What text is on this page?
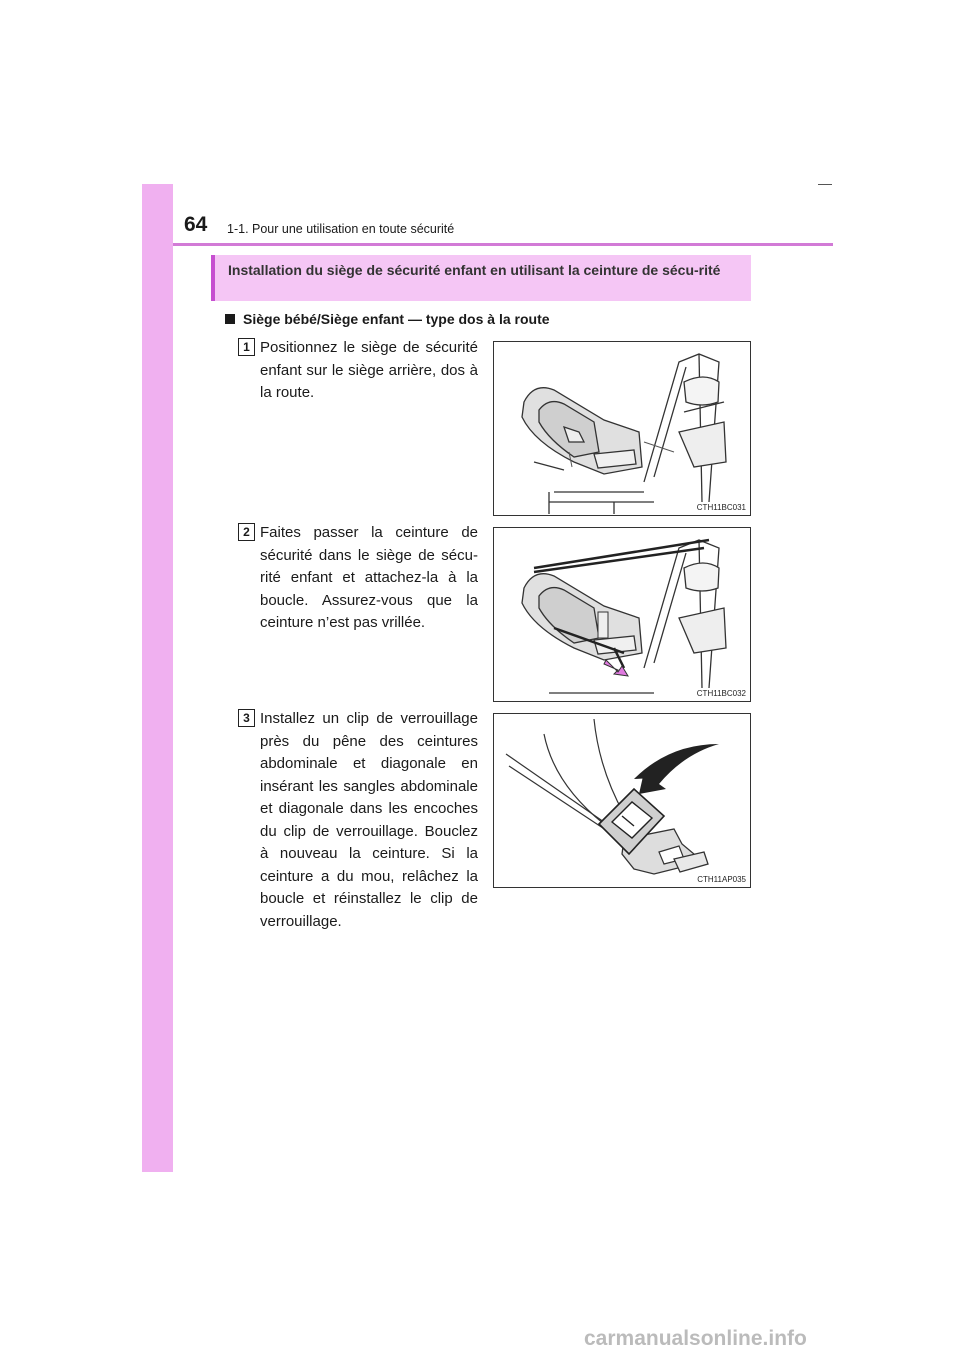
64 1-1. Pour une utilisation en toute sécurité
Installation du siège de sécurité enfant en utilisant la ceinture de sécu-rité
Siège bébé/Siège enfant — type dos à la route
1 Positionnez le siège de sécurité enfant sur le siège arrière, dos à la route.
CTH11BC031
2 Faites passer la ceinture de sécurité dans le siège de sécu-rité enfant et attachez-la à la boucle. Assurez-vous que la ceinture n’est pas vrillée.
CTH11BC032
3 Installez un clip de verrouillage près du pêne des ceintures abdominale et diagonale en insérant les sangles abdominale et diagonale dans les encoches du clip de verrouillage. Bouclez à nouveau la ceinture. Si la ceinture a du mou, relâchez la boucle et réinstallez le clip de verrouillage.
CTH11AP035
carmanualsonline.info
